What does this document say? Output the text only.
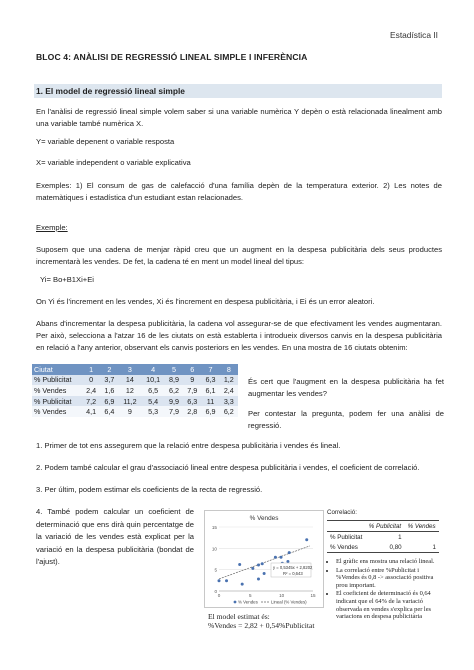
Estadística II
BLOC 4: ANÀLISI DE REGRESSIÓ LINEAL SIMPLE I INFERÈNCIA
1. El model de regressió lineal simple
En l'anàlisi de regressió lineal simple volem saber si una variable numèrica Y depèn o està relacionada linealment amb una variable també numèrica X.
Y= variable depenent o variable resposta
X= variable independent o variable explicativa
Exemples: 1) El consum de gas de calefacció d'una família depèn de la temperatura exterior. 2) Les notes de matemàtiques i estadística d'un estudiant estan relacionades.
Exemple:
Suposem que una cadena de menjar ràpid creu que un augment en la despesa publicitària dels seus productes incrementarà les vendes. De fet, la cadena té en ment un model lineal del tipus:
Yi= Bo+B1Xi+Ei
On Yi és l'increment en les vendes, Xi és l'increment en despesa publicitària, i Ei és un error aleatori.
Abans d'incrementar la despesa publicitària, la cadena vol assegurar-se de que efectivament les vendes augmentaran. Per això, selecciona a l'atzar 16 de les ciutats on està establerta i introdueix diversos canvis en la despesa publicitària en relació a l'any anterior, observant els canvis posteriors en les vendes. En una mostra de 16 ciutats obtenim:
Ciutat	1	2	3	4	5	6	7	8
% Publicitat	0	3,7	14	10,1	8,9	9	6,3	1,2
% Vendes	2,4	1,6	12	6,5	6,2	7,9	6,1	2,4
% Publicitat	7,2	6,9	11,2	5,4	9,9	6,3	11	3,3
% Vendes	4,1	6,4	9	5,3	7,9	2,8	6,9	6,2
És cert que l'augment en la despesa publicitària ha fet augmentar les vendes?
Per contestar la pregunta, podem fer una anàlisi de regressió.
1. Primer de tot ens assegurem que la relació entre despesa publicitària i vendes és lineal.
2. Podem també calcular el grau d'associació lineal entre despesa publicitària i vendes, el coeficient de correlació.
3. Per últim, podem estimar els coeficients de la recta de regressió.
4. També podem calcular un coeficient de determinació que ens dirà quin percentatge de la variació de les vendes està explicat per la variació en la despesa publicitària (bondat de l'ajust).
% Vendes
0
5
10
15
0	5	10	15
y = 0,5345x + 2,8202
R² = 0,643
% Vendes	Lineal (% Vendes)
El model estimat és:
%Vendes = 2,82 + 0,54%Publicitat
Correlació:
	% Publicitat	% Vendes
% Publicitat	1	
% Vendes	0,80	1
• El gràfic ens mostra una relació lineal.
• La correlació entre %Publicitat i %Vendes és 0,8 -> associació positiva prou important.
• El coeficient de determinació és 0,64 indicant que el 64% de la variació observada en vendes s'explica per les variacions en despesa publicitària
